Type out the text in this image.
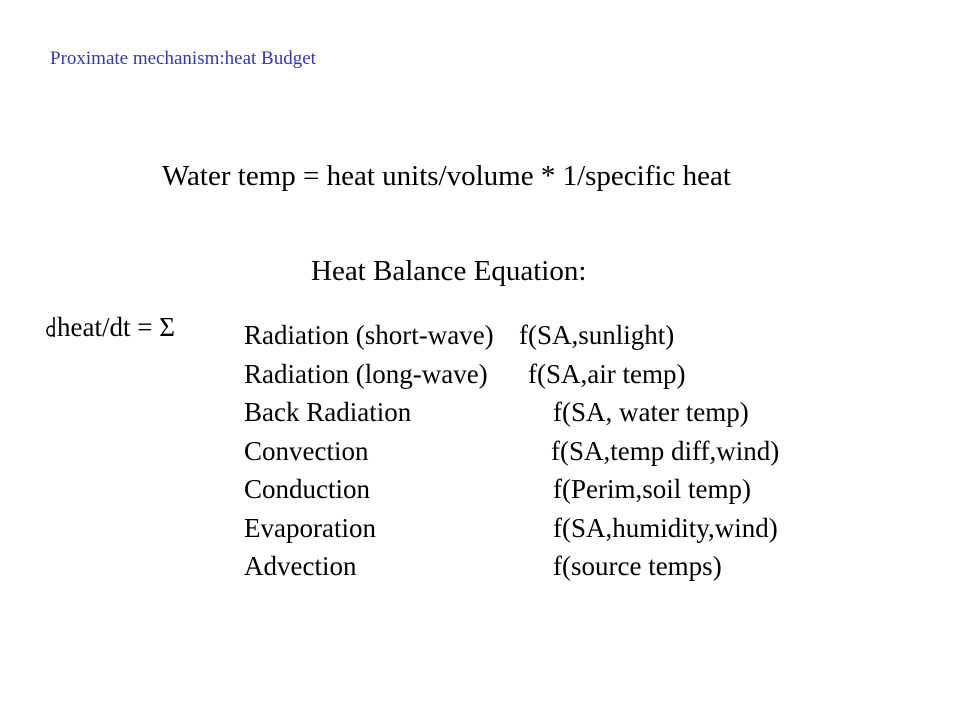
Proximate mechanism:heat Budget
Water temp = heat units/volume * 1/specific heat
Heat Balance Equation:
heat/dt = Σ	Radiation (short-wave) f(SA,sunlight)
Radiation (long-wave) f(SA,air temp)
Back Radiation	f(SA, water temp)
Convection	f(SA,temp diff,wind)
Conduction	f(Perim,soil temp)
Evaporation	f(SA,humidity,wind)
Advection	f(source temps)
